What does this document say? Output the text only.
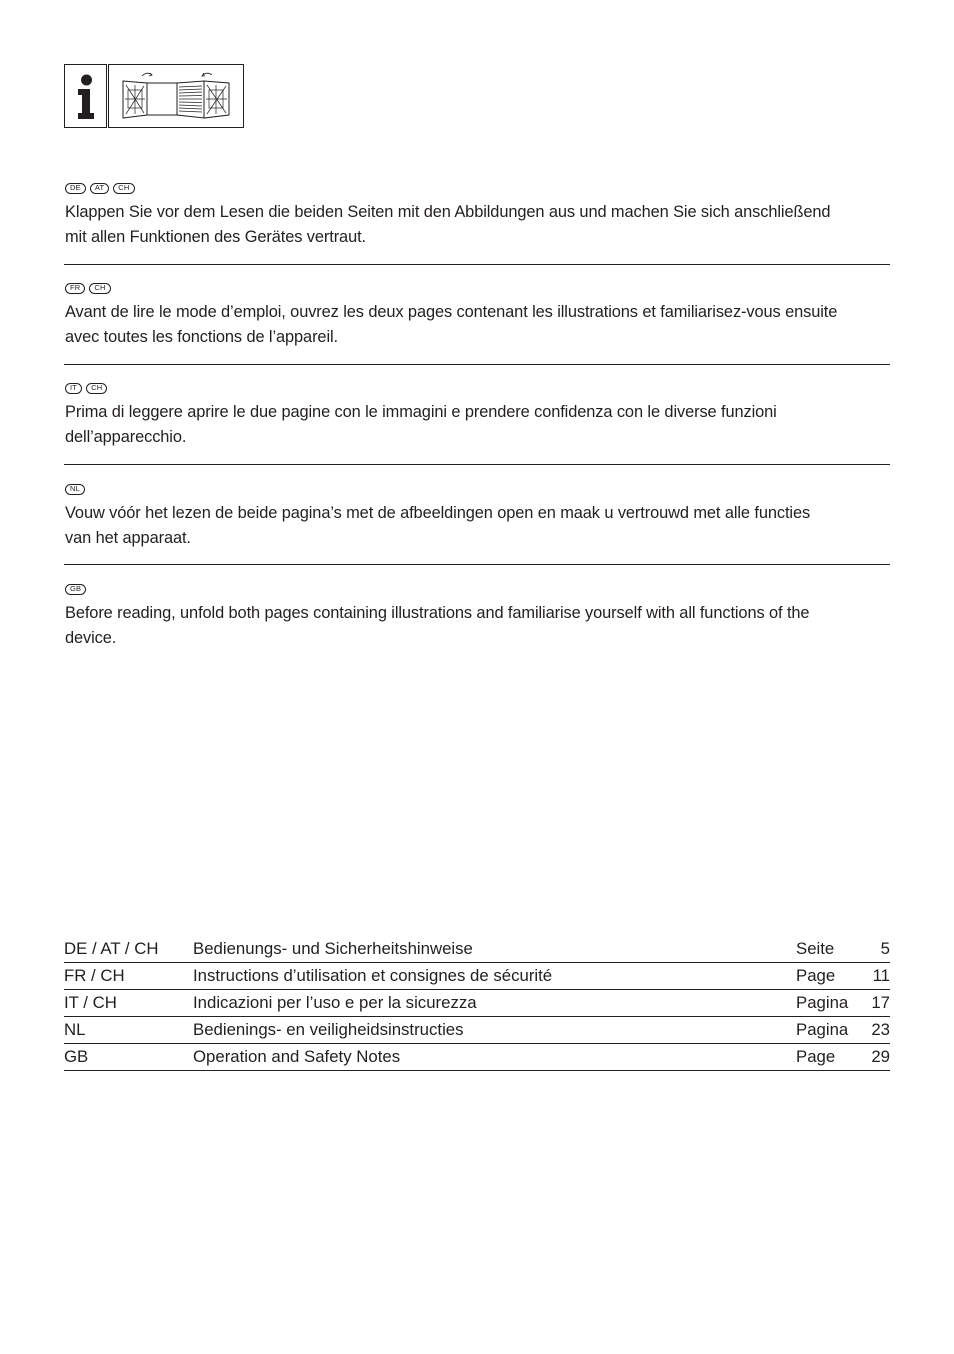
DE	AT	CH
Klappen Sie vor dem Lesen die beiden Seiten mit den Abbildungen aus und machen Sie sich anschließend
mit allen Funktionen des Gerätes vertraut.
FR	CH
Avant de lire le mode d’emploi, ouvrez les deux pages contenant les illustrations et familiarisez-vous ensuite
avec toutes les fonctions de l’appareil.
IT	CH
Prima di leggere aprire le due pagine con le immagini e prendere confidenza con le diverse funzioni
dell’apparecchio.
NL
Vouw vóór het lezen de beide pagina’s met de afbeeldingen open en maak u vertrouwd met alle functies
van het apparaat.
GB
Before reading, unfold both pages containing illustrations and familiarise yourself with all functions of the
device.
DE / AT / CH	Bedienungs- und Sicherheitshinweise	Seite	5
FR / CH	Instructions d’utilisation et consignes de sécurité	Page	11
IT / CH	Indicazioni per l’uso e per la sicurezza	Pagina	17
NL	Bedienings- en veiligheidsinstructies	Pagina	23
GB	Operation and Safety Notes	Page	29
